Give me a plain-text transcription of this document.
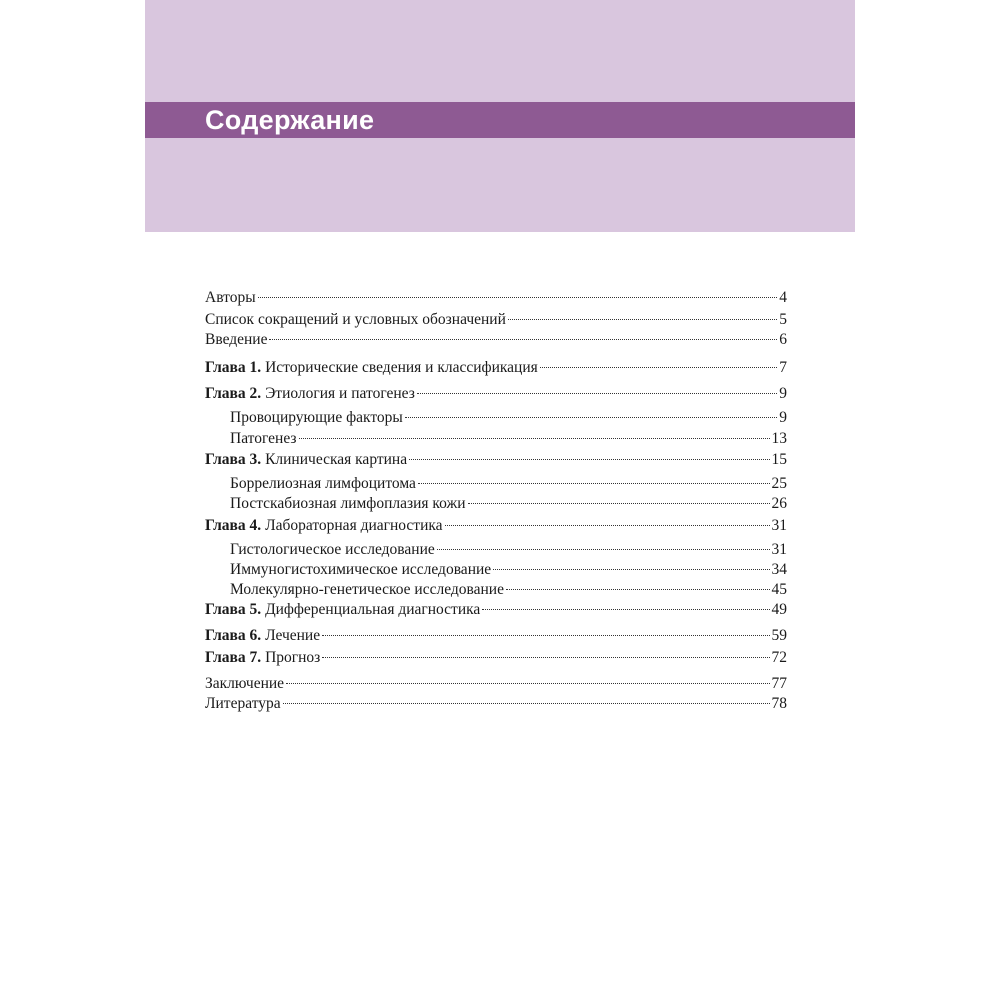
Содержание
Авторы	4
Список сокращений и условных обозначений	5
Введение	6
Глава 1. Исторические сведения и классификация	7
Глава 2. Этиология и патогенез	9
Провоцирующие факторы	9
Патогенез	13
Глава 3. Клиническая картина	15
Боррелиозная лимфоцитома	25
Постскабиозная лимфоплазия кожи	26
Глава 4. Лабораторная диагностика	31
Гистологическое исследование	31
Иммуногистохимическое исследование	34
Молекулярно-генетическое исследование	45
Глава 5. Дифференциальная диагностика	49
Глава 6. Лечение	59
Глава 7. Прогноз	72
Заключение	77
Литература	78
